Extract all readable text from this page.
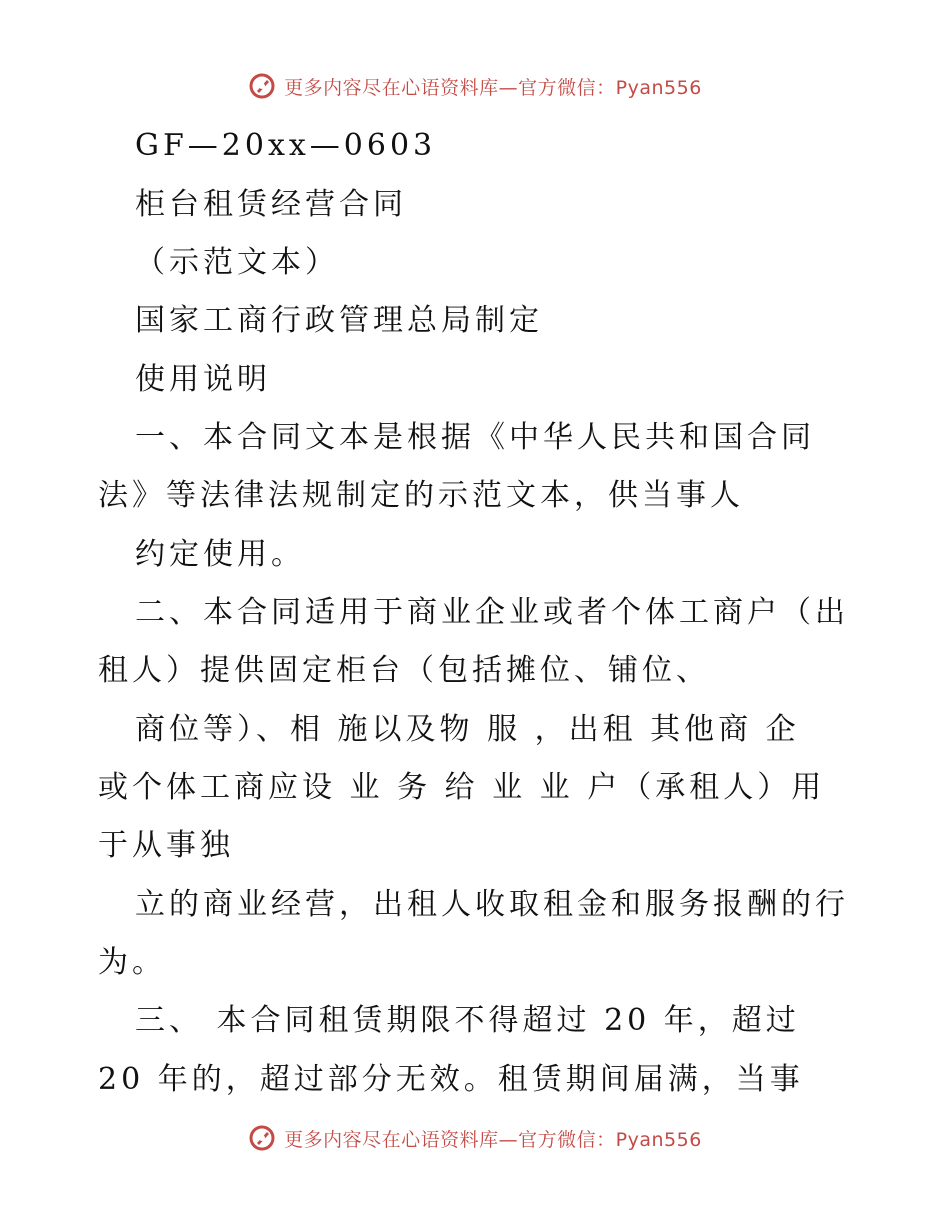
更多内容尽在心语资料库—官方微信：Pyan556
GF—20xx—0603
柜台租赁经营合同
（示范文本）
国家工商行政管理总局制定
使用说明
一、本合同文本是根据《中华人民共和国合同
法》等法律法规制定的示范文本，供当事人
约定使用。
二、本合同适用于商业企业或者个体工商户（出
租人）提供固定柜台（包括摊位、铺位、
商位等）、相 施以及物 服 ，出租 其他商 企
或个体工商应设 业 务 给 业 业 户（承租人）用
于从事独
立的商业经营，出租人收取租金和服务报酬的行
为。
三、 本合同租赁期限不得超过 20 年，超过
20 年的，超过部分无效。租赁期间届满，当事
更多内容尽在心语资料库—官方微信：Pyan556
